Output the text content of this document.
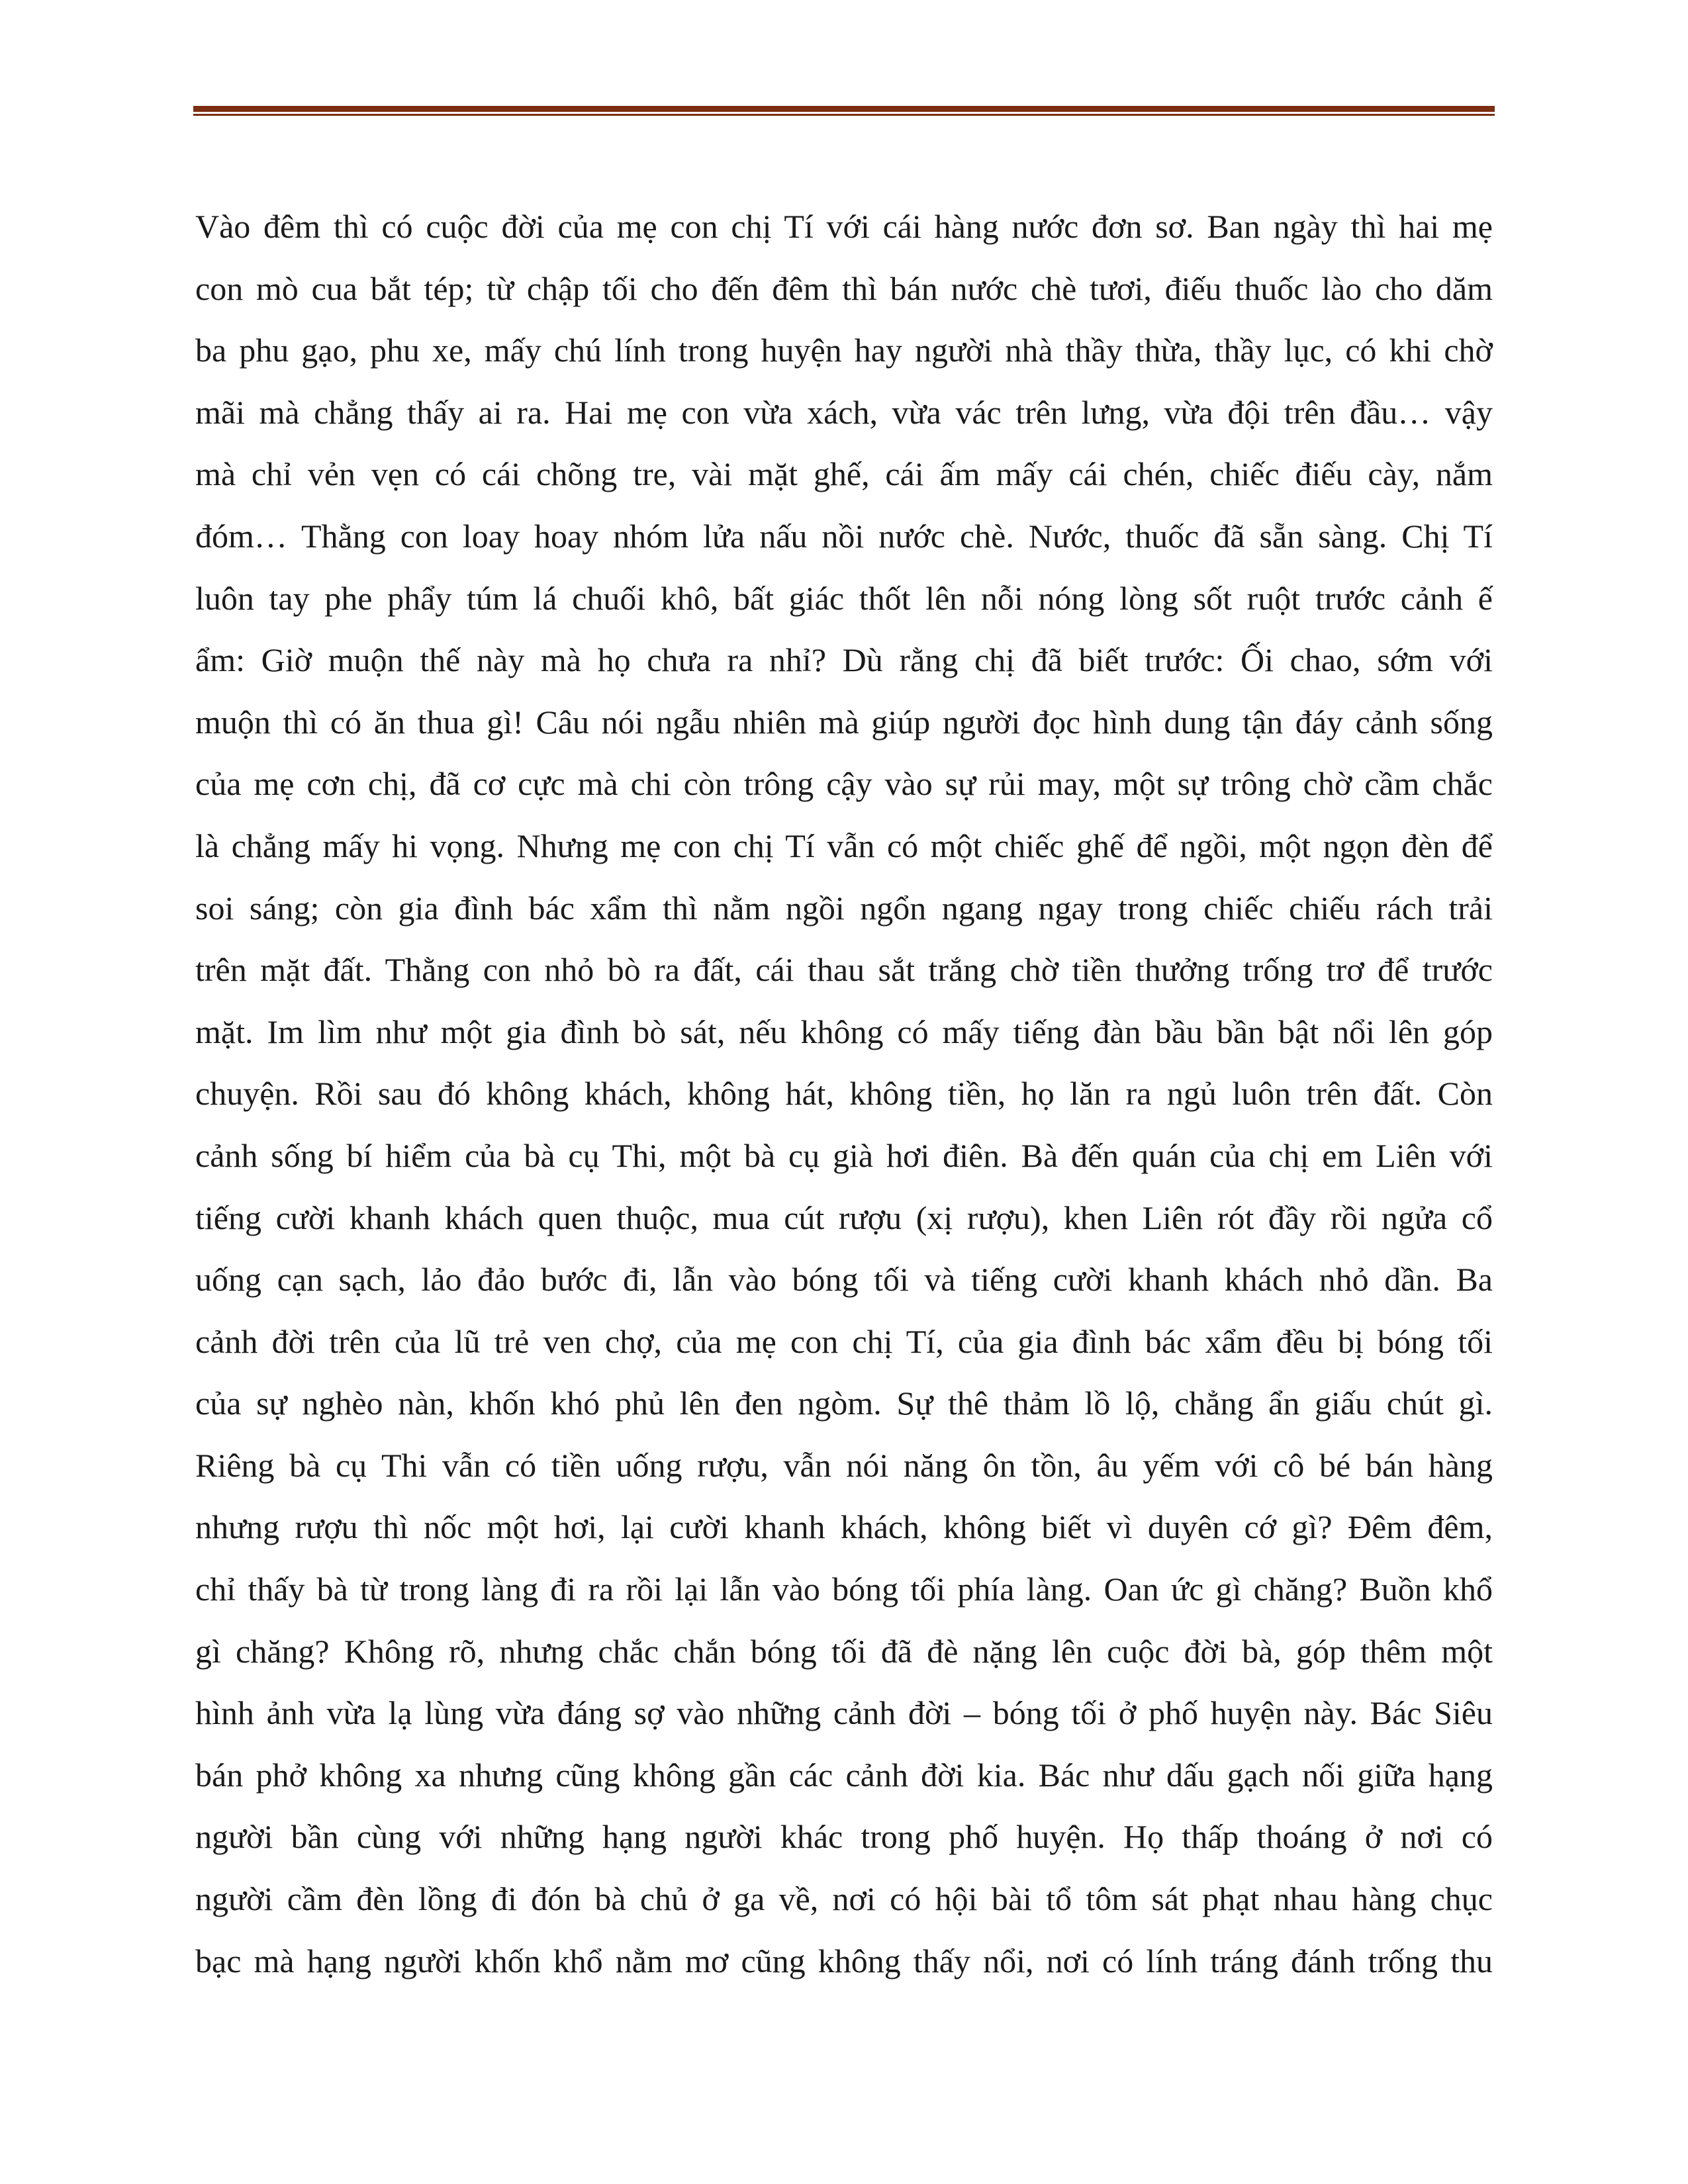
Vào đêm thì có cuộc đời của mẹ con chị Tí với cái hàng nước đơn sơ. Ban ngày thì hai mẹ
con mò cua bắt tép; từ chập tối cho đến đêm thì bán nước chè tươi, điếu thuốc lào cho dăm
ba phu gạo, phu xe, mấy chú lính trong huyện hay người nhà thầy thừa, thầy lục, có khi chờ
mãi mà chẳng thấy ai ra. Hai mẹ con vừa xách, vừa vác trên lưng, vừa đội trên đầu… vậy
mà chỉ vẻn vẹn có cái chõng tre, vài mặt ghế, cái ấm mấy cái chén, chiếc điếu cày, nắm
đóm… Thằng con loay hoay nhóm lửa nấu nồi nước chè. Nước, thuốc đã sẵn sàng. Chị Tí
luôn tay phe phẩy túm lá chuối khô, bất giác thốt lên nỗi nóng lòng sốt ruột trước cảnh ế
ẩm: Giờ muộn thế này mà họ chưa ra nhỉ? Dù rằng chị đã biết trước: Ối chao, sớm với
muộn thì có ăn thua gì! Câu nói ngẫu nhiên mà giúp người đọc hình dung tận đáy cảnh sống
của mẹ cơn chị, đã cơ cực mà chi còn trông cậy vào sự rủi may, một sự trông chờ cầm chắc
là chẳng mấy hi vọng. Nhưng mẹ con chị Tí vẫn có một chiếc ghế để ngồi, một ngọn đèn để
soi sáng; còn gia đình bác xẩm thì nằm ngồi ngổn ngang ngay trong chiếc chiếu rách trải
trên mặt đất. Thằng con nhỏ bò ra đất, cái thau sắt trắng chờ tiền thưởng trống trơ để trước
mặt. Im lìm như một gia đình bò sát, nếu không có mấy tiếng đàn bầu bần bật nổi lên góp
chuyện. Rồi sau đó không khách, không hát, không tiền, họ lăn ra ngủ luôn trên đất. Còn
cảnh sống bí hiểm của bà cụ Thi, một bà cụ già hơi điên. Bà đến quán của chị em Liên với
tiếng cười khanh khách quen thuộc, mua cút rượu (xị rượu), khen Liên rót đầy rồi ngửa cổ
uống cạn sạch, lảo đảo bước đi, lẫn vào bóng tối và tiếng cười khanh khách nhỏ dần. Ba
cảnh đời trên của lũ trẻ ven chợ, của mẹ con chị Tí, của gia đình bác xẩm đều bị bóng tối
của sự nghèo nàn, khốn khó phủ lên đen ngòm. Sự thê thảm lồ lộ, chẳng ẩn giấu chút gì.
Riêng bà cụ Thi vẫn có tiền uống rượu, vẫn nói năng ôn tồn, âu yếm với cô bé bán hàng
nhưng rượu thì nốc một hơi, lại cười khanh khách, không biết vì duyên cớ gì? Đêm đêm,
chỉ thấy bà từ trong làng đi ra rồi lại lẫn vào bóng tối phía làng. Oan ức gì chăng? Buồn khổ
gì chăng? Không rõ, nhưng chắc chắn bóng tối đã đè nặng lên cuộc đời bà, góp thêm một
hình ảnh vừa lạ lùng vừa đáng sợ vào những cảnh đời – bóng tối ở phố huyện này. Bác Siêu
bán phở không xa nhưng cũng không gần các cảnh đời kia. Bác như dấu gạch nối giữa hạng
người bần cùng với những hạng người khác trong phố huyện. Họ thấp thoáng ở nơi có
người cầm đèn lồng đi đón bà chủ ở ga về, nơi có hội bài tổ tôm sát phạt nhau hàng chục
bạc mà hạng người khốn khổ nằm mơ cũng không thấy nổi, nơi có lính tráng đánh trống thu
